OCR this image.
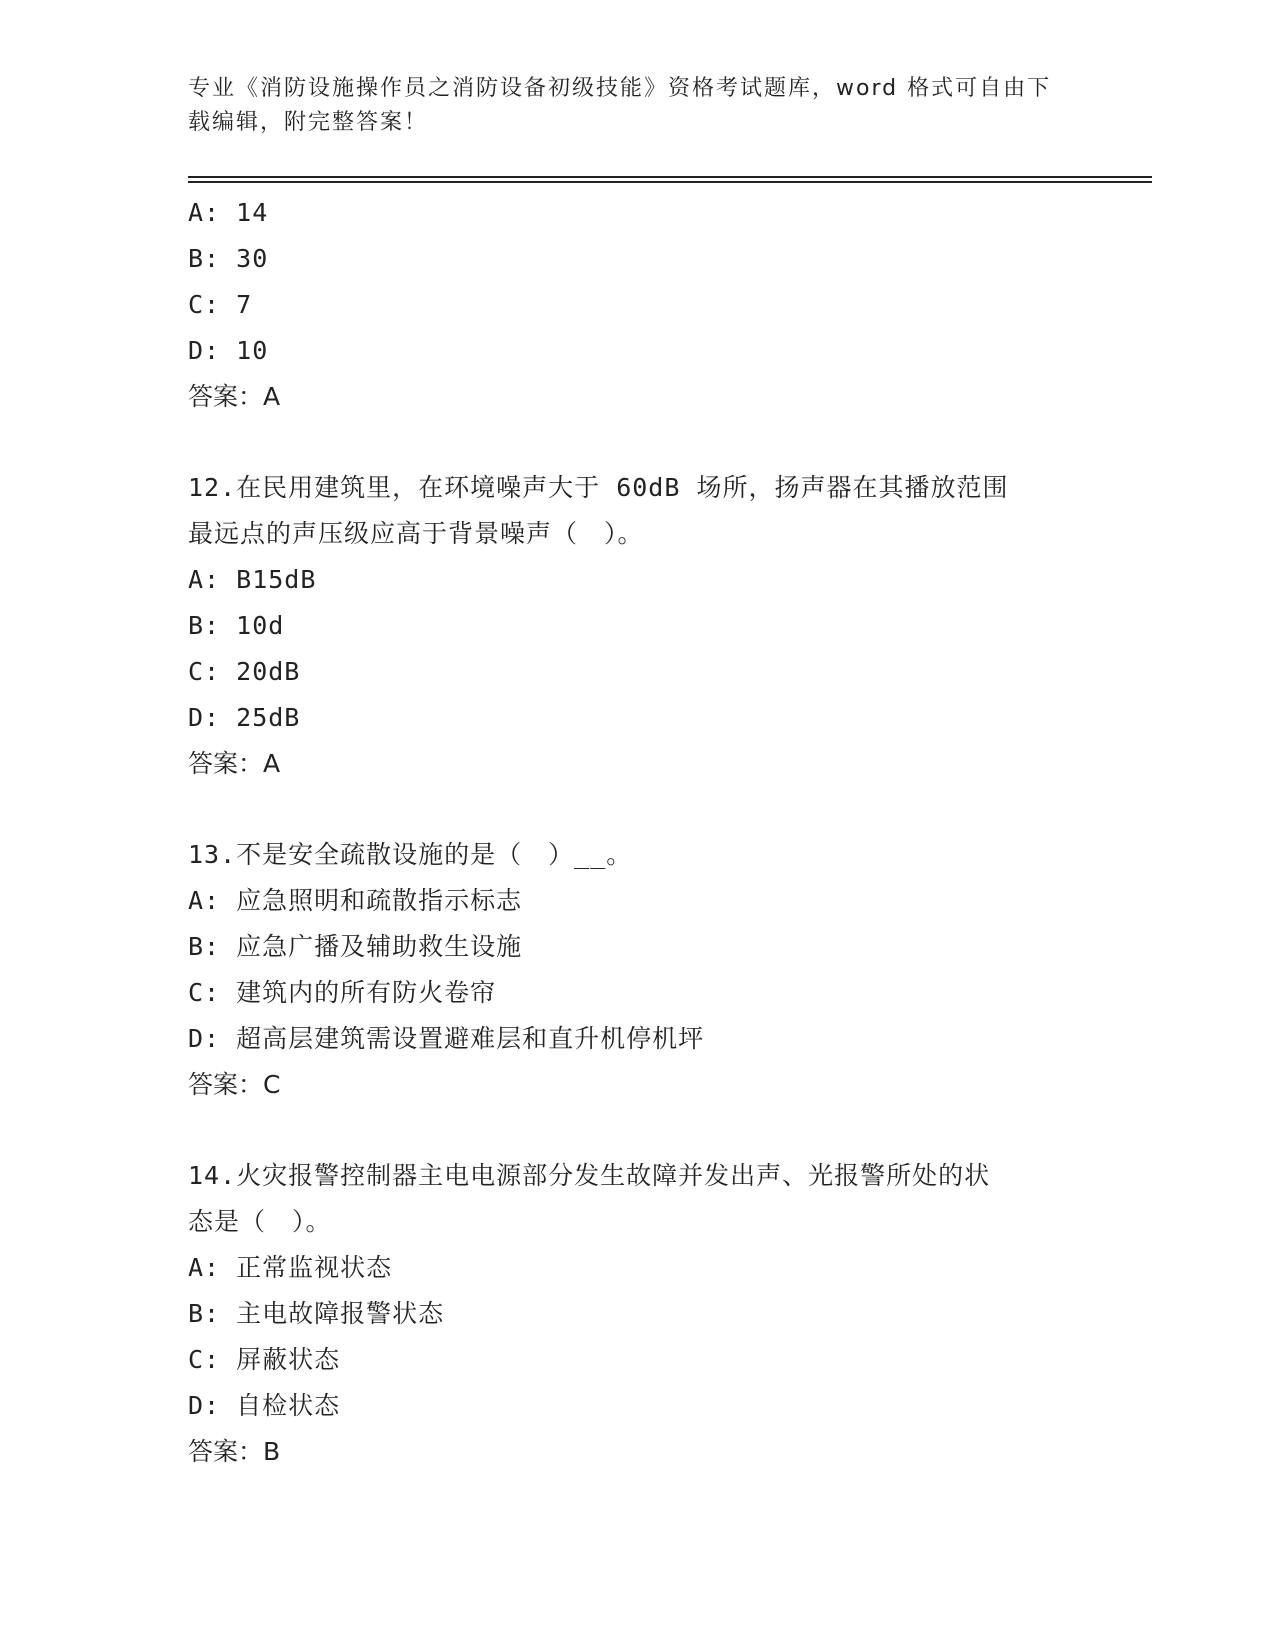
专业《消防设施操作员之消防设备初级技能》资格考试题库，word 格式可自由下
载编辑，附完整答案！
A: 14
B: 30
C: 7
D: 10
答案：A
12.在民用建筑里，在环境噪声大于 60dB 场所，扬声器在其播放范围
最远点的声压级应高于背景噪声（　）。
A: B15dB
B: 10d
C: 20dB
D: 25dB
答案：A
13.不是安全疏散设施的是（　）__。
A: 应急照明和疏散指示标志
B: 应急广播及辅助救生设施
C: 建筑内的所有防火卷帘
D: 超高层建筑需设置避难层和直升机停机坪
答案：C
14.火灾报警控制器主电电源部分发生故障并发出声、光报警所处的状
态是（　）。
A: 正常监视状态
B: 主电故障报警状态
C: 屏蔽状态
D: 自检状态
答案：B
